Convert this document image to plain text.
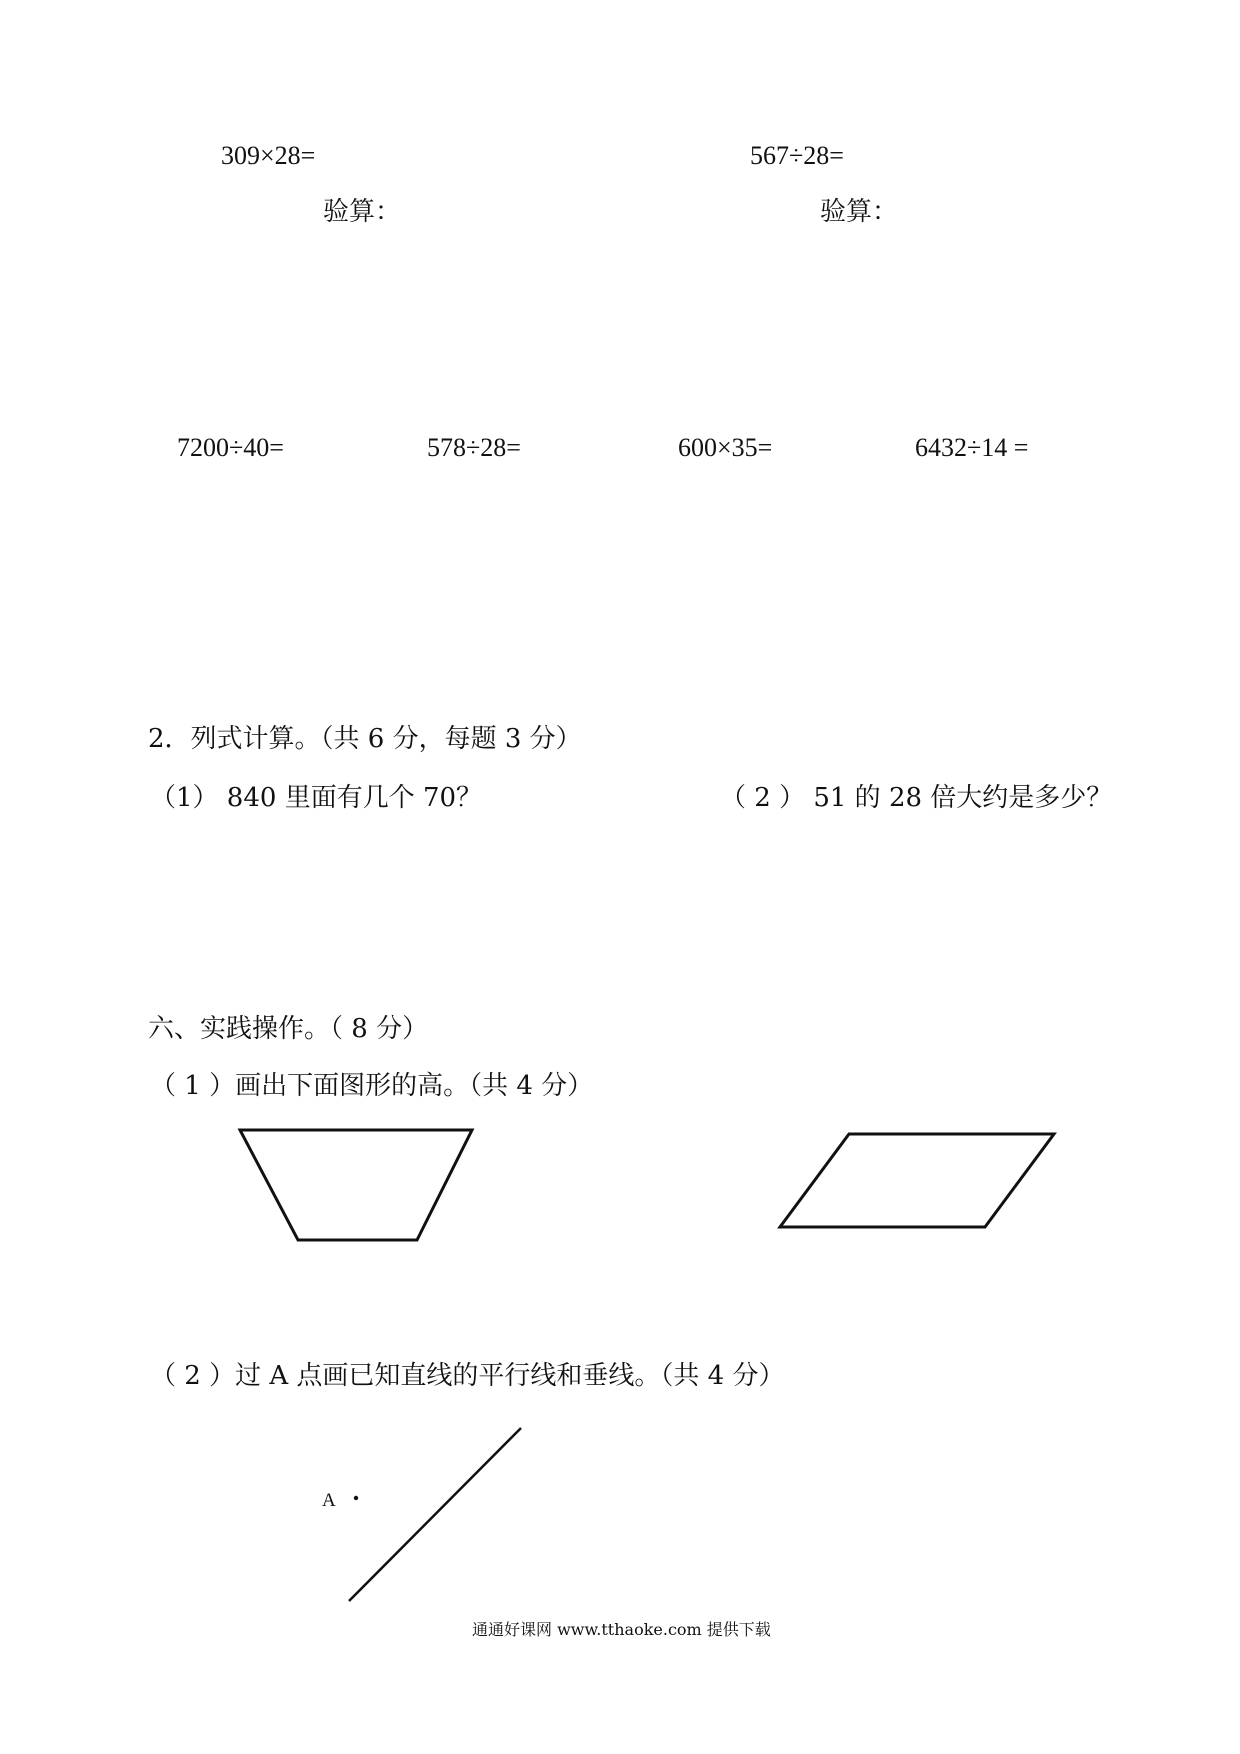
309×28=
验算：
567÷28=
验算：
7200÷40=	578÷28=	600×35=	6432÷14 =
2．列式计算。（共 6 分，每题 3 分）
（1） 840 里面有几个 70？	（ 2 ） 51 的 28 倍大约是多少？
六、实践操作。（ 8 分）
（ 1 ）画出下面图形的高。（共 4 分）
（ 2 ）过 A 点画已知直线的平行线和垂线。（共 4 分）
A
通通好课网 www.tthaoke.com 提供下载
